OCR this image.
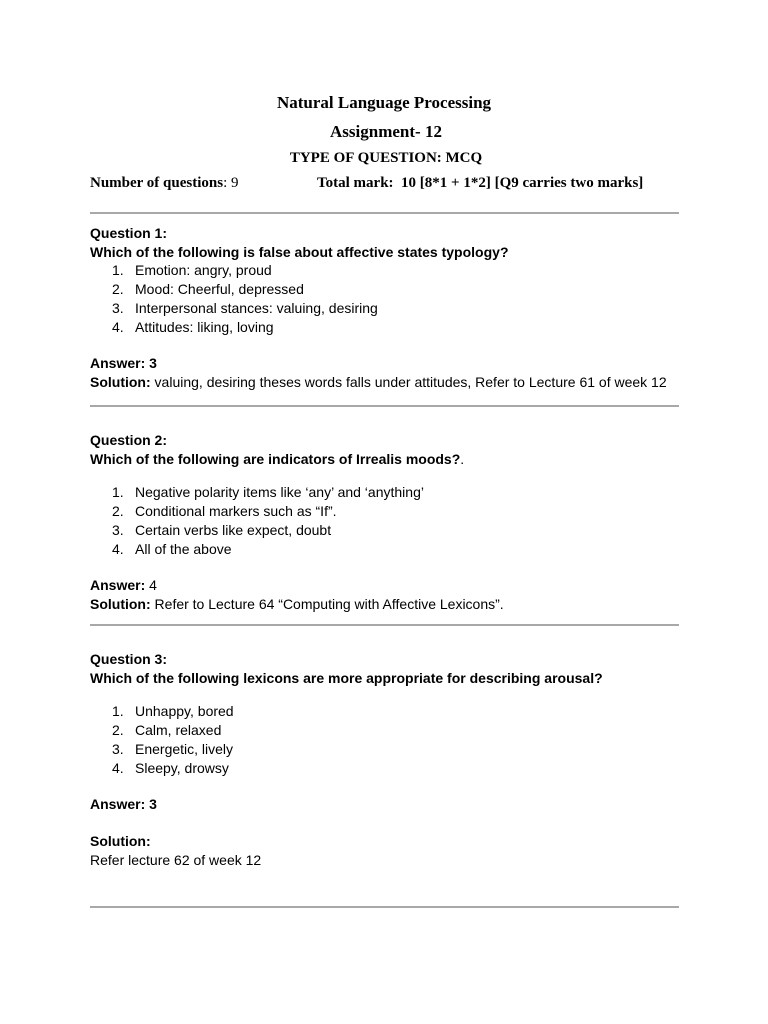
Natural Language Processing
Assignment- 12
TYPE OF QUESTION: MCQ
Number of questions: 9	Total mark:  10 [8*1 + 1*2] [Q9 carries two marks]
Question 1:
Which of the following is false about affective states typology?
1. Emotion: angry, proud
2. Mood: Cheerful, depressed
3. Interpersonal stances: valuing, desiring
4. Attitudes: liking, loving
Answer: 3
Solution: valuing, desiring theses words falls under attitudes, Refer to Lecture 61 of week 12
Question 2:
Which of the following are indicators of Irrealis moods?.
1. Negative polarity items like ‘any’ and ‘anything’
2. Conditional markers such as “If”.
3. Certain verbs like expect, doubt
4. All of the above
Answer: 4
Solution: Refer to Lecture 64 “Computing with Affective Lexicons”.
Question 3:
Which of the following lexicons are more appropriate for describing arousal?
1. Unhappy, bored
2. Calm, relaxed
3. Energetic, lively
4. Sleepy, drowsy
Answer: 3
Solution:
Refer lecture 62 of week 12
